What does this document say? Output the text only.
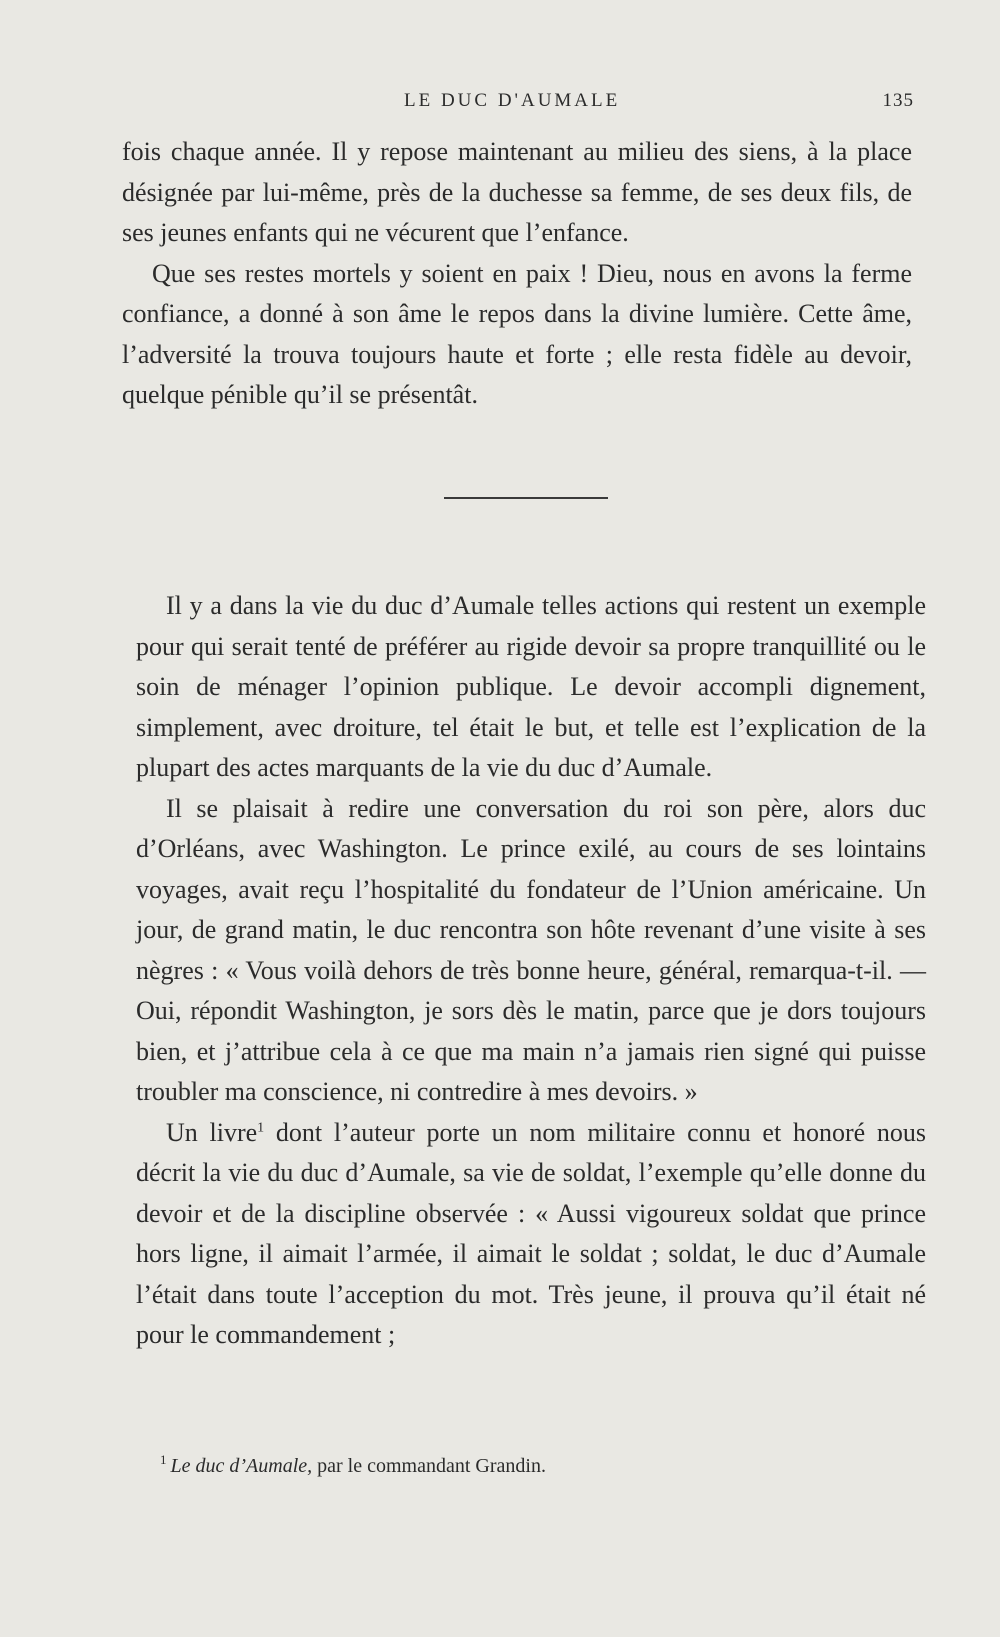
LE DUC D'AUMALE	135

fois chaque année. Il y repose maintenant au milieu des siens, à la place désignée par lui-même, près de la duchesse sa femme, de ses deux fils, de ses jeunes enfants qui ne vécurent que l’enfance.

Que ses restes mortels y soient en paix ! Dieu, nous en avons la ferme confiance, a donné à son âme le repos dans la divine lumière. Cette âme, l’adversité la trouva toujours haute et forte ; elle resta fidèle au devoir, quelque pénible qu’il se présentât.

Il y a dans la vie du duc d’Aumale telles actions qui restent un exemple pour qui serait tenté de préférer au rigide devoir sa propre tranquillité ou le soin de ménager l’opinion publique. Le devoir accompli dignement, simplement, avec droiture, tel était le but, et telle est l’explication de la plupart des actes marquants de la vie du duc d’Aumale.

Il se plaisait à redire une conversation du roi son père, alors duc d’Orléans, avec Washington. Le prince exilé, au cours de ses lointains voyages, avait reçu l’hospitalité du fondateur de l’Union américaine. Un jour, de grand matin, le duc rencontra son hôte revenant d’une visite à ses nègres : « Vous voilà dehors de très bonne heure, général, remarqua-t-il. — Oui, répondit Washington, je sors dès le matin, parce que je dors toujours bien, et j’attribue cela à ce que ma main n’a jamais rien signé qui puisse troubler ma conscience, ni contredire à mes devoirs. »

Un livre$^1$ dont l’auteur porte un nom militaire connu et honoré nous décrit la vie du duc d’Aumale, sa vie de soldat, l’exemple qu’elle donne du devoir et de la discipline observée : « Aussi vigoureux soldat que prince hors ligne, il aimait l’armée, il aimait le soldat ; soldat, le duc d’Aumale l’était dans toute l’acception du mot. Très jeune, il prouva qu’il était né pour le commandement ;

$^1$ Le duc d’Aumale, par le commandant Grandin.
